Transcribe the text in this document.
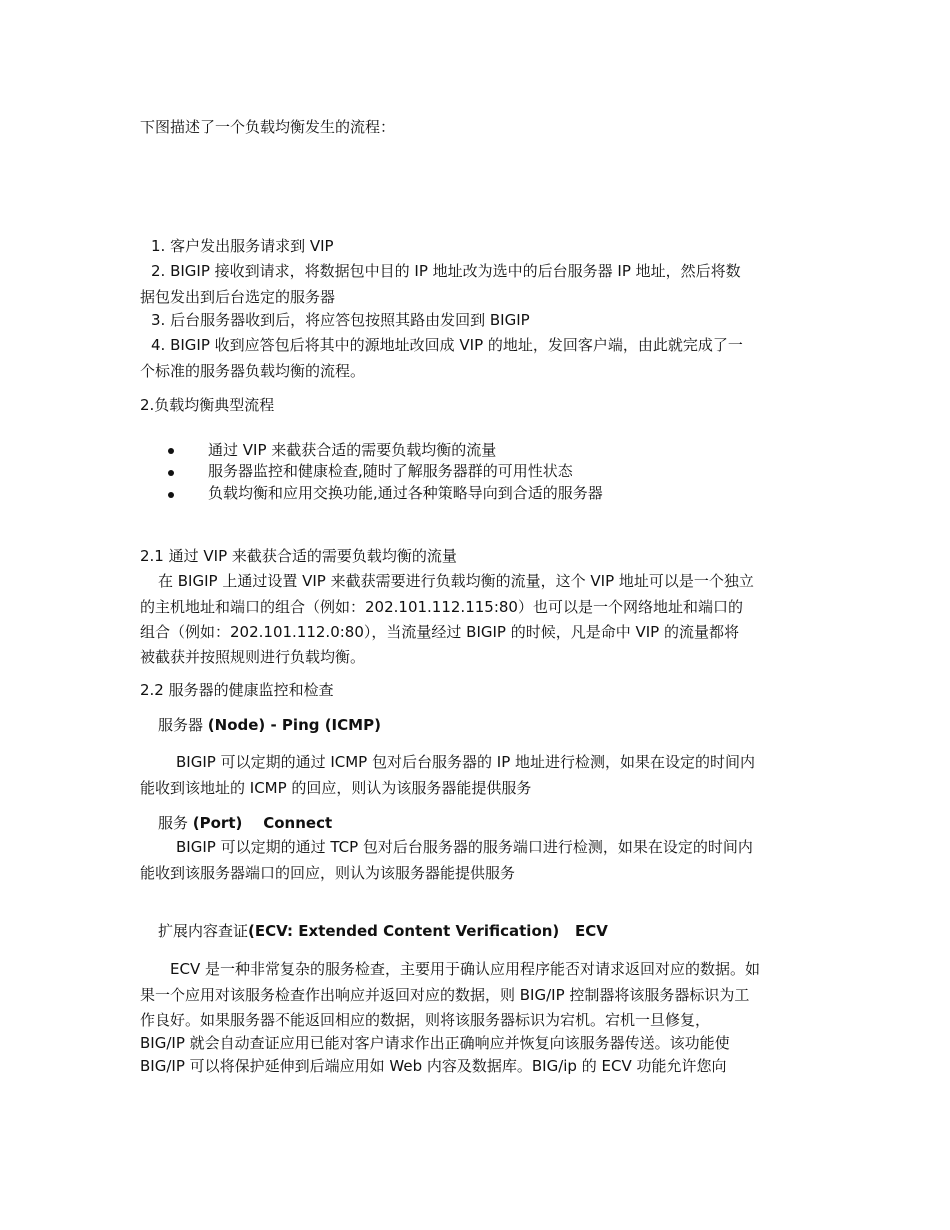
下图描述了一个负载均衡发生的流程：
1. 客户发出服务请求到 VIP
2. BIGIP 接收到请求，将数据包中目的 IP 地址改为选中的后台服务器 IP 地址，然后将数
据包发出到后台选定的服务器
3. 后台服务器收到后，将应答包按照其路由发回到 BIGIP
4. BIGIP 收到应答包后将其中的源地址改回成 VIP 的地址，发回客户端，由此就完成了一
个标准的服务器负载均衡的流程。
2.负载均衡典型流程
通过 VIP 来截获合适的需要负载均衡的流量
服务器监控和健康检查,随时了解服务器群的可用性状态
负载均衡和应用交换功能,通过各种策略导向到合适的服务器
2.1 通过 VIP 来截获合适的需要负载均衡的流量
在 BIGIP 上通过设置 VIP 来截获需要进行负载均衡的流量，这个 VIP 地址可以是一个独立
的主机地址和端口的组合（例如：202.101.112.115:80）也可以是一个网络地址和端口的
组合（例如：202.101.112.0:80），当流量经过 BIGIP 的时候，凡是命中 VIP 的流量都将
被截获并按照规则进行负载均衡。
2.2 服务器的健康监控和检查
服务器 (Node) - Ping (ICMP)
BIGIP 可以定期的通过 ICMP 包对后台服务器的 IP 地址进行检测，如果在设定的时间内
能收到该地址的 ICMP 的回应，则认为该服务器能提供服务
服务 (Port)    Connect
BIGIP 可以定期的通过 TCP 包对后台服务器的服务端口进行检测，如果在设定的时间内
能收到该服务器端口的回应，则认为该服务器能提供服务
扩展内容查证(ECV: Extended Content Verification)   ECV
ECV 是一种非常复杂的服务检查，主要用于确认应用程序能否对请求返回对应的数据。如
果一个应用对该服务检查作出响应并返回对应的数据，则 BIG/IP 控制器将该服务器标识为工
作良好。如果服务器不能返回相应的数据，则将该服务器标识为宕机。宕机一旦修复，
BIG/IP 就会自动查证应用已能对客户请求作出正确响应并恢复向该服务器传送。该功能使
BIG/IP 可以将保护延伸到后端应用如 Web 内容及数据库。BIG/ip 的 ECV 功能允许您向
